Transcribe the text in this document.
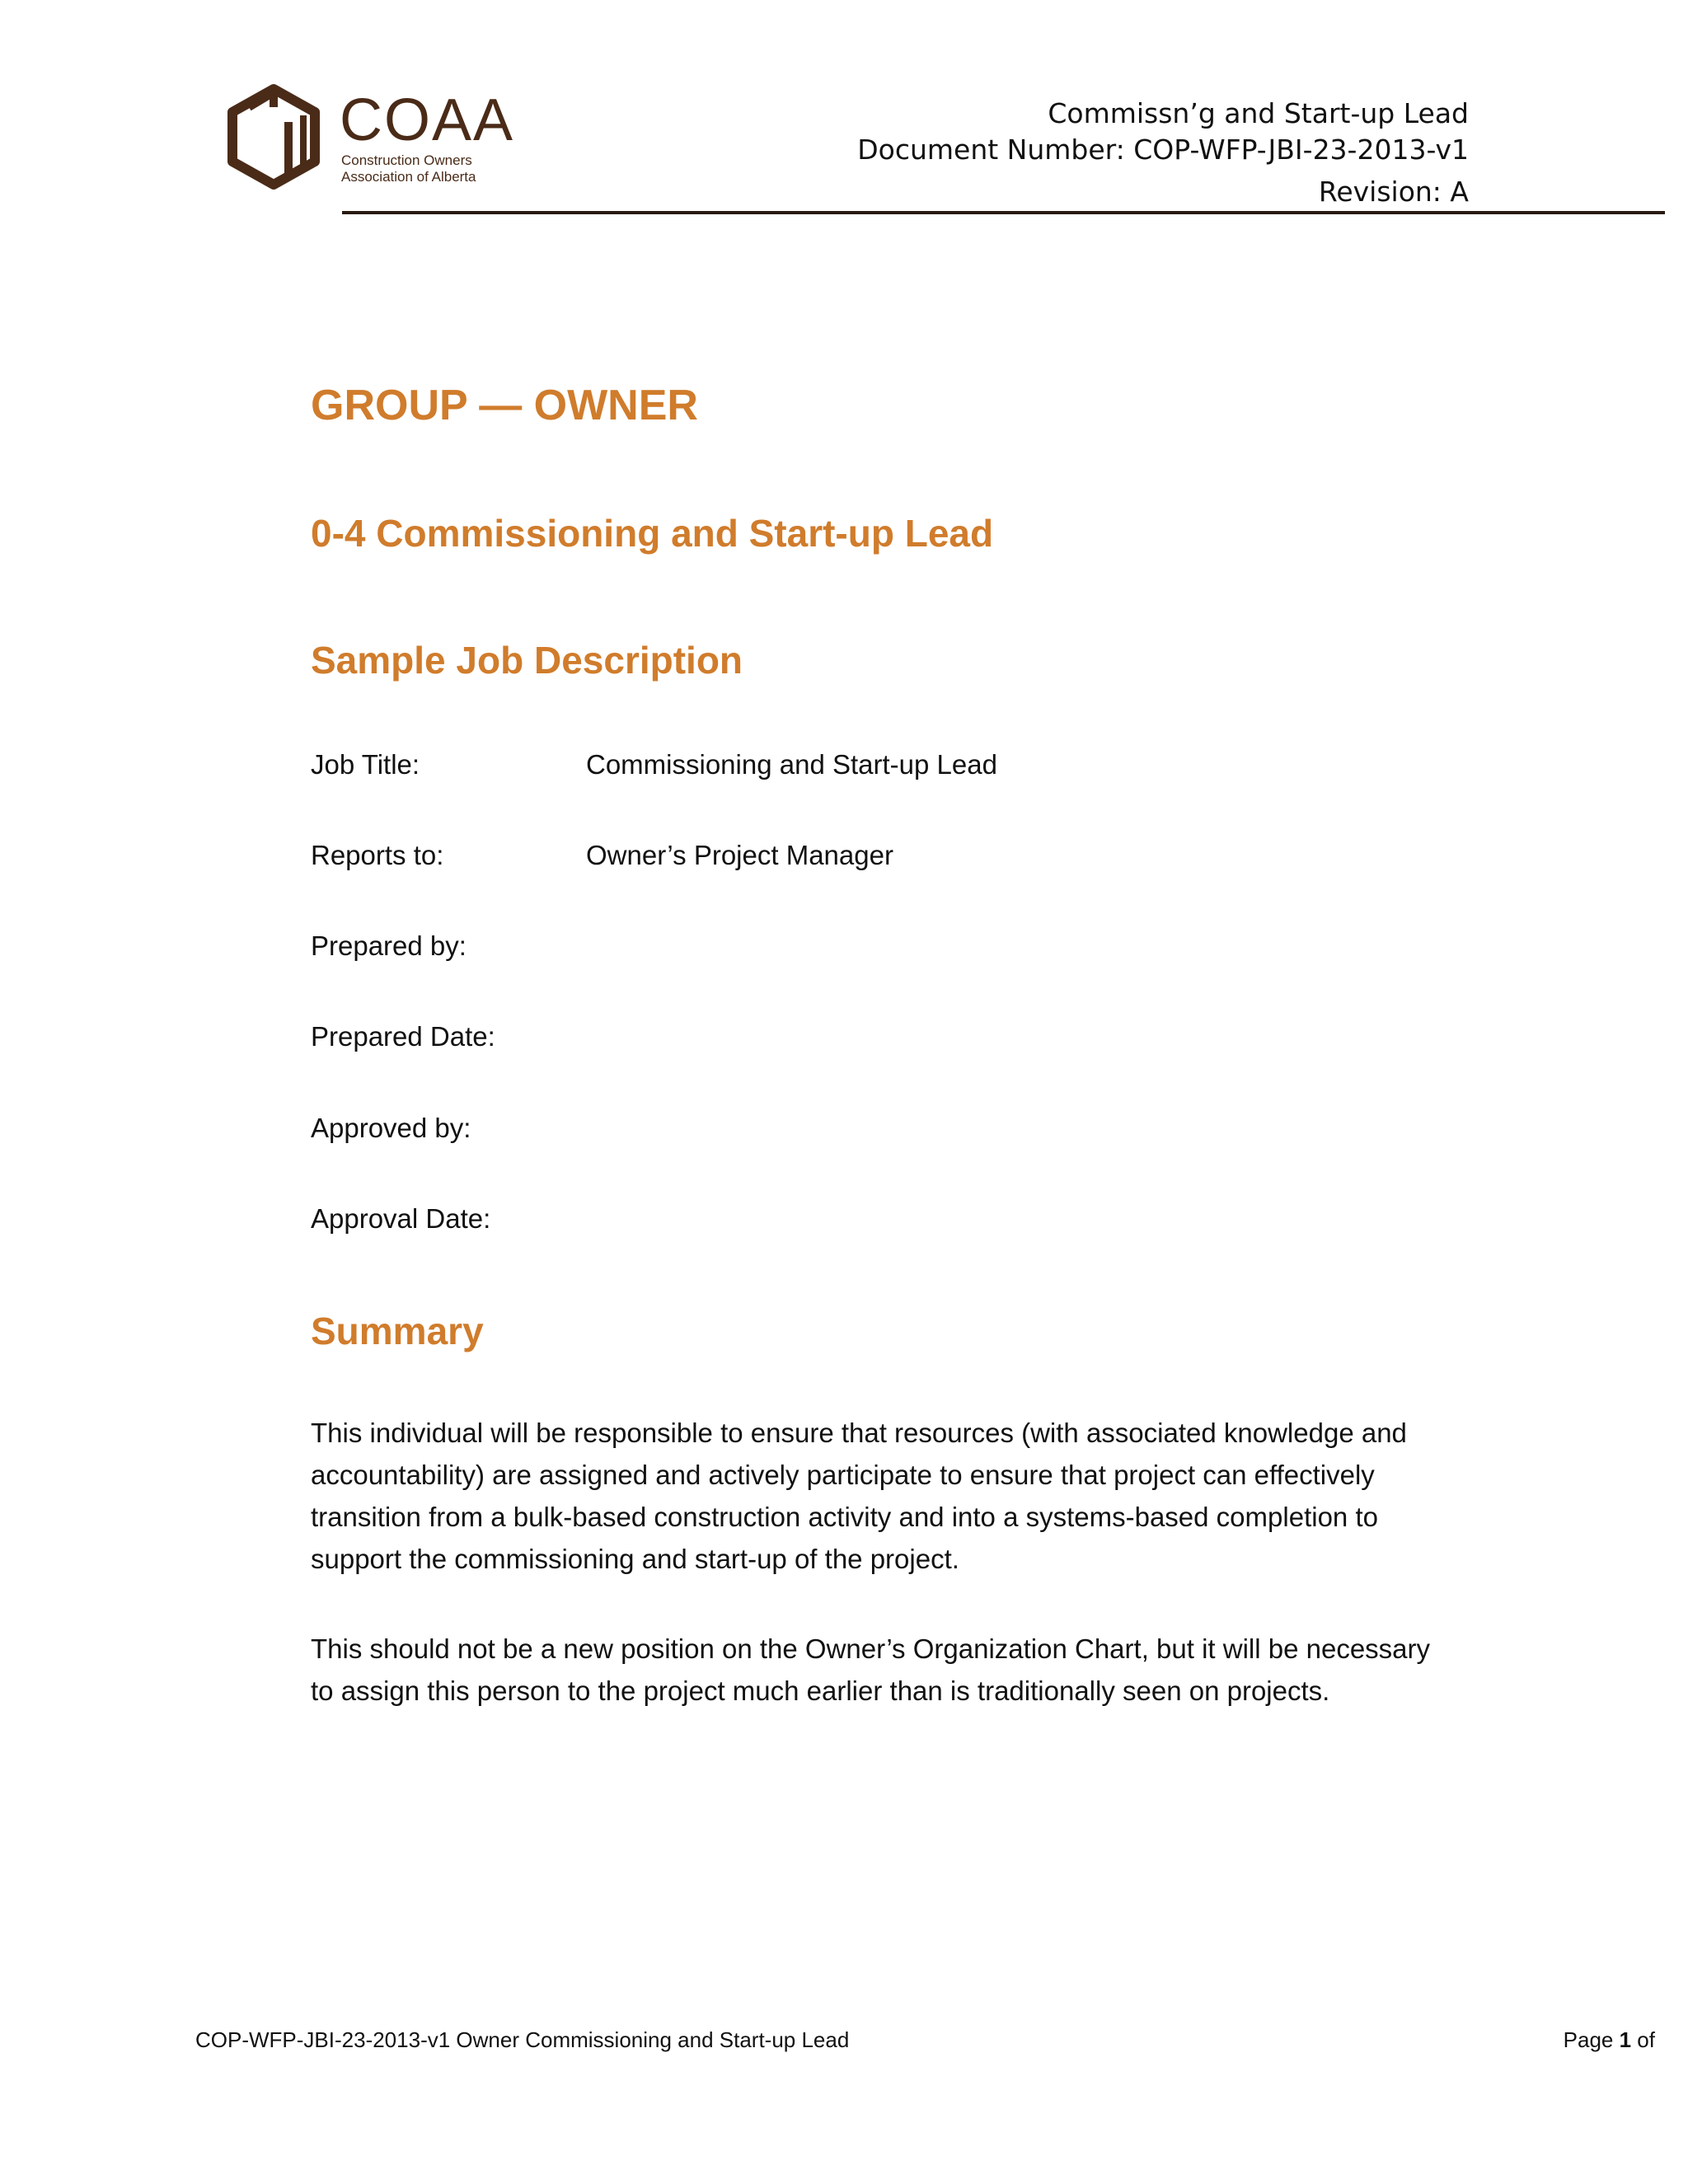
COAA
Construction Owners
Association of Alberta
Commissn’g and Start-up Lead
Document Number: COP-WFP-JBI-23-2013-v1
Revision: A
GROUP — OWNER
0-4 Commissioning and Start-up Lead
Sample Job Description
Job Title:	Commissioning and Start-up Lead
Reports to:	Owner’s Project Manager
Prepared by:
Prepared Date:
Approved by:
Approval Date:
Summary
This individual will be responsible to ensure that resources (with associated knowledge and accountability) are assigned and actively participate to ensure that project can effectively transition from a bulk-based construction activity and into a systems-based completion to support the commissioning and start-up of the project.
This should not be a new position on the Owner’s Organization Chart, but it will be necessary to assign this person to the project much earlier than is traditionally seen on projects.
COP-WFP-JBI-23-2013-v1 Owner Commissioning and Start-up Lead	Page 1 of
